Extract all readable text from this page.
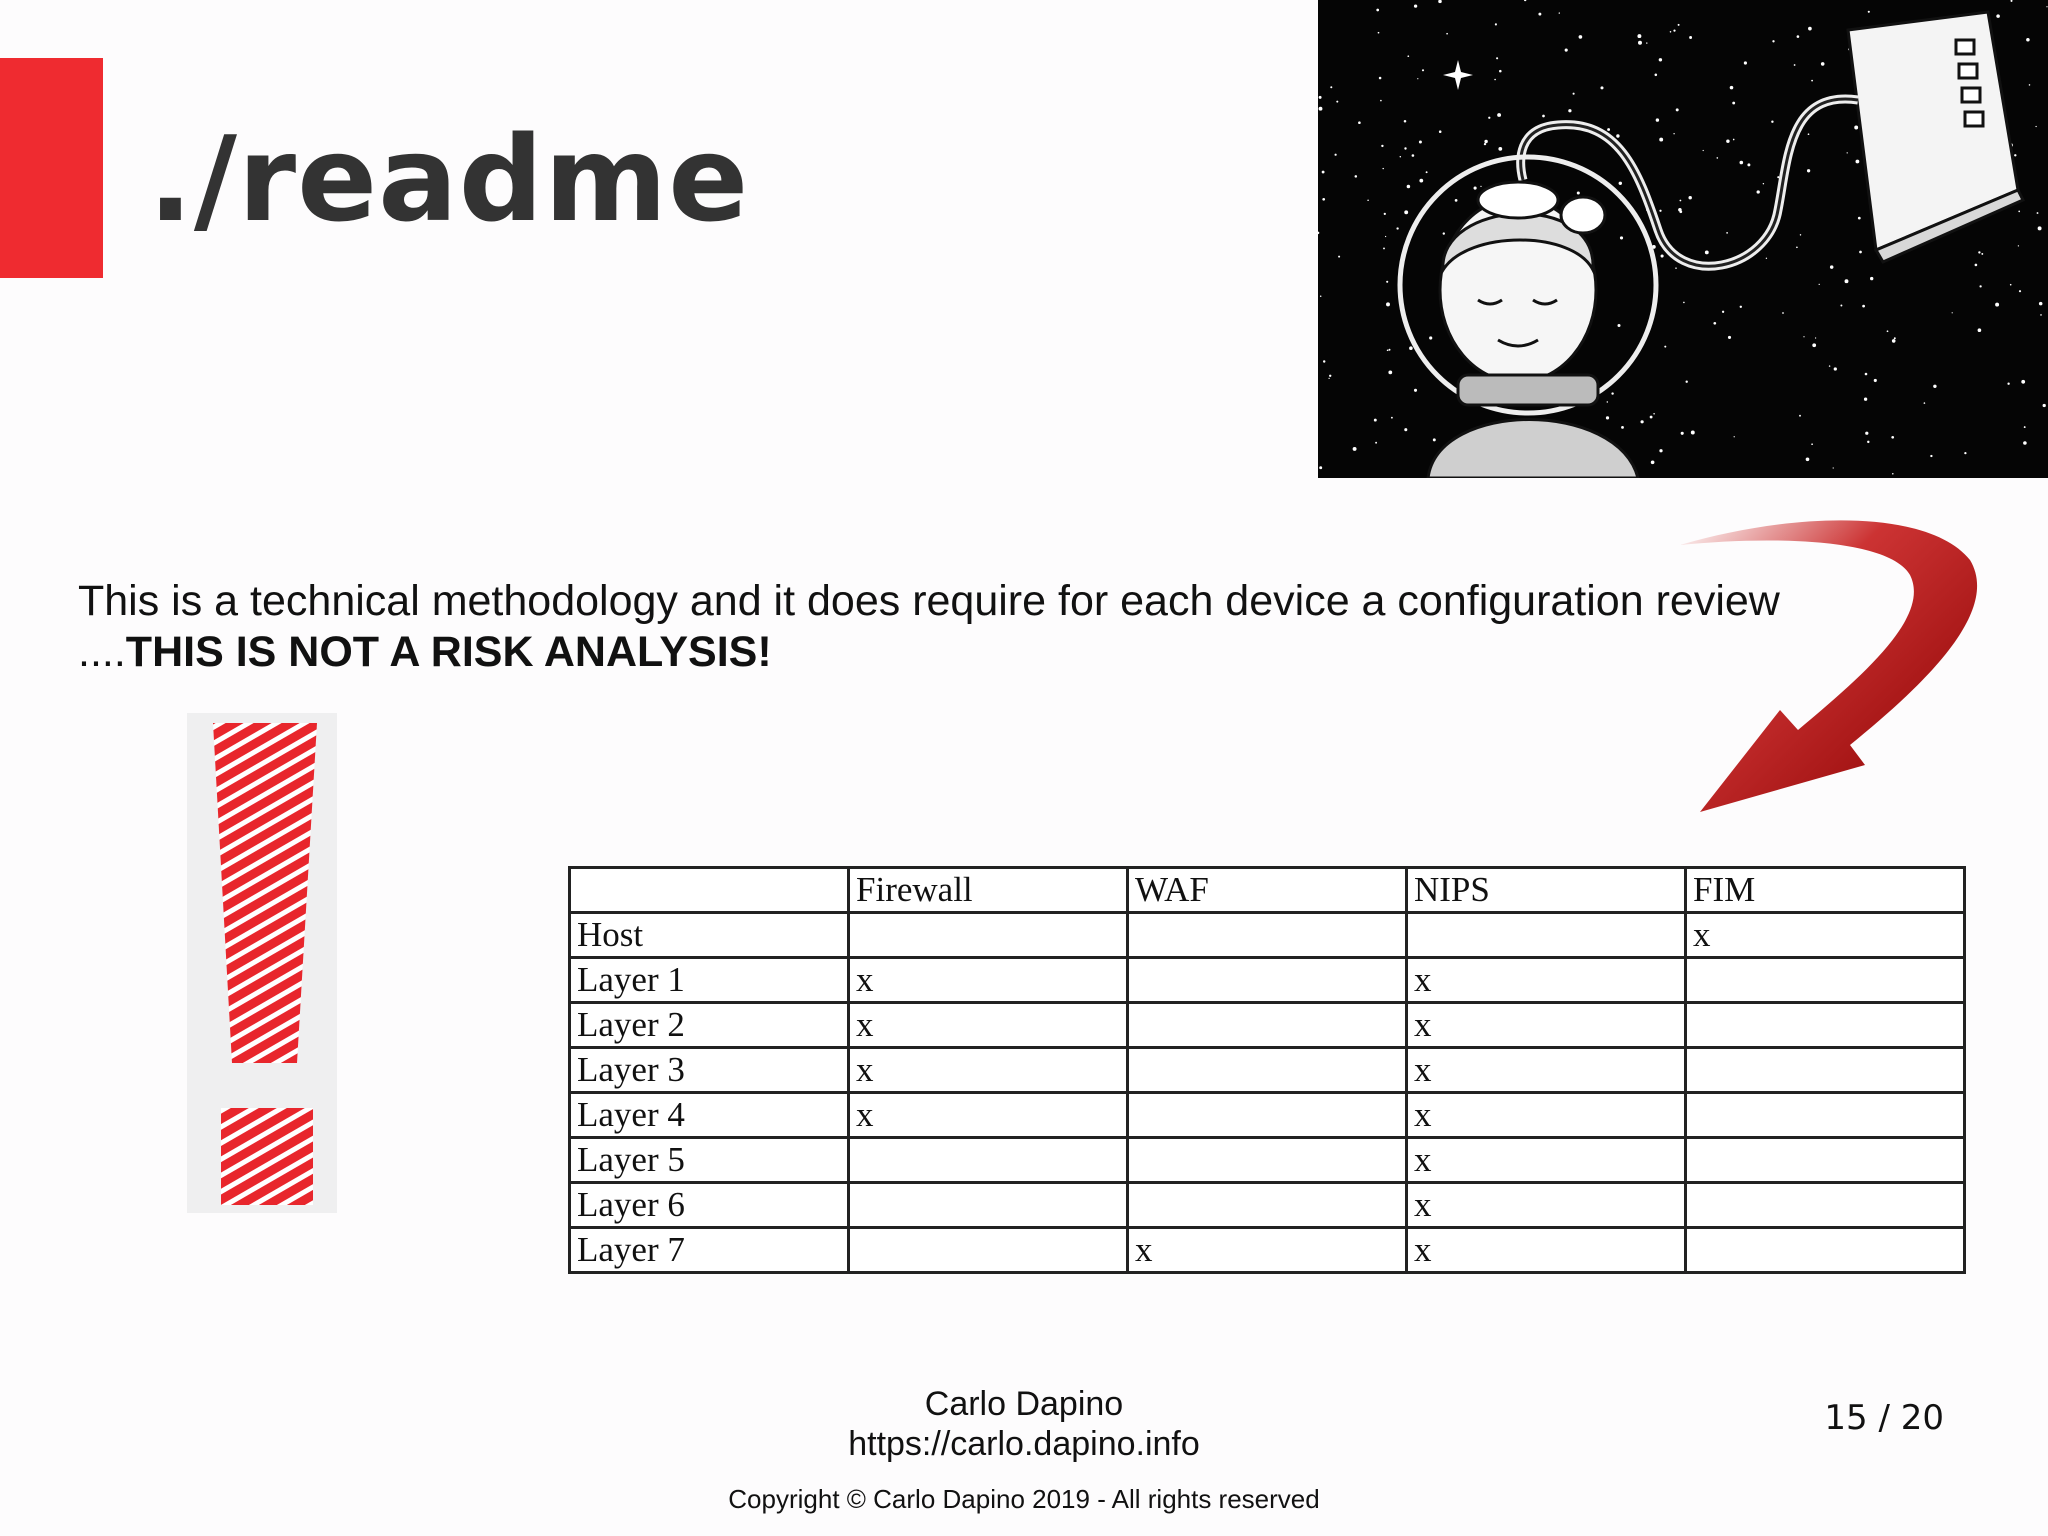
./readme
This is a technical methodology and it does require for each device a configuration review ....THIS IS NOT A RISK ANALYSIS!
	Firewall	WAF	NIPS	FIM
Host				x
Layer 1	x		x	
Layer 2	x		x	
Layer 3	x		x	
Layer 4	x		x	
Layer 5			x	
Layer 6			x	
Layer 7		x	x	
Carlo Dapino
https://carlo.dapino.info
15 / 20
Copyright © Carlo Dapino 2019 - All rights reserved
